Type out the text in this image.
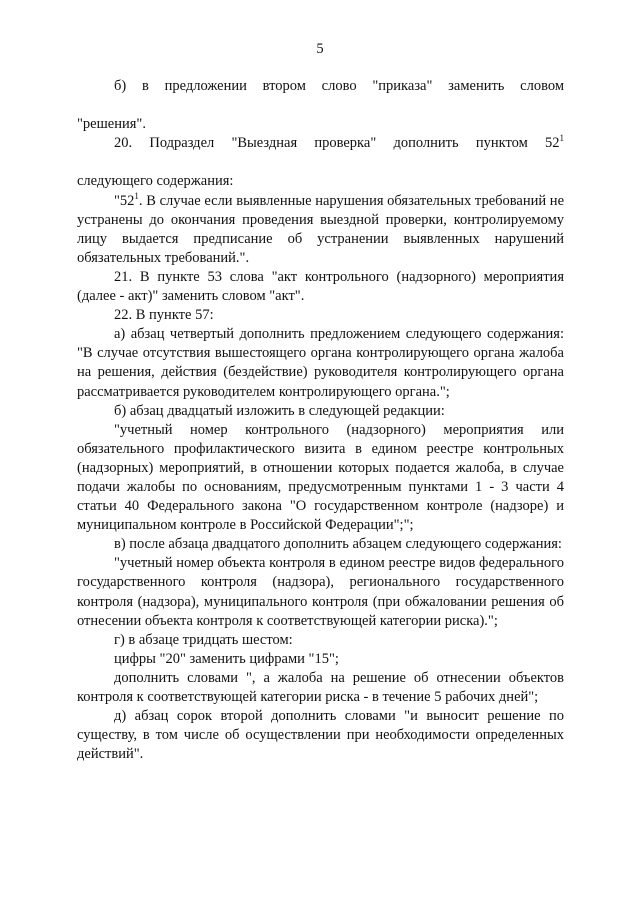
5

б) в предложении втором слово "приказа" заменить словом

"решения".

20. Подраздел "Выездная проверка" дополнить пунктом $52^1$

следующего содержания:

"$52^1$. В случае если выявленные нарушения обязательных требований не устранены до окончания проведения выездной проверки, контролируемому лицу выдается предписание об устранении выявленных нарушений обязательных требований.".

21. В пункте 53 слова "акт контрольного (надзорного) мероприятия (далее - акт)" заменить словом "акт".

22. В пункте 57:

а) абзац четвертый дополнить предложением следующего содержания: "В случае отсутствия вышестоящего органа контролирующего органа жалоба на решения, действия (бездействие) руководителя контролирующего органа рассматривается руководителем контролирующего органа.";

б) абзац двадцатый изложить в следующей редакции:

"учетный номер контрольного (надзорного) мероприятия или обязательного профилактического визита в едином реестре контрольных (надзорных) мероприятий, в отношении которых подается жалоба, в случае подачи жалобы по основаниям, предусмотренным пунктами 1 - 3 части 4 статьи 40 Федерального закона "О государственном контроле (надзоре) и муниципальном контроле в Российской Федерации";";

в) после абзаца двадцатого дополнить абзацем следующего содержания:

"учетный номер объекта контроля в едином реестре видов федерального государственного контроля (надзора), регионального государственного контроля (надзора), муниципального контроля (при обжаловании решения об отнесении объекта контроля к соответствующей категории риска).";

г) в абзаце тридцать шестом:

цифры "20" заменить цифрами "15";

дополнить словами ", а жалоба на решение об отнесении объектов контроля к соответствующей категории риска - в течение 5 рабочих дней";

д) абзац сорок второй дополнить словами "и выносит решение по существу, в том числе об осуществлении при необходимости определенных действий".
